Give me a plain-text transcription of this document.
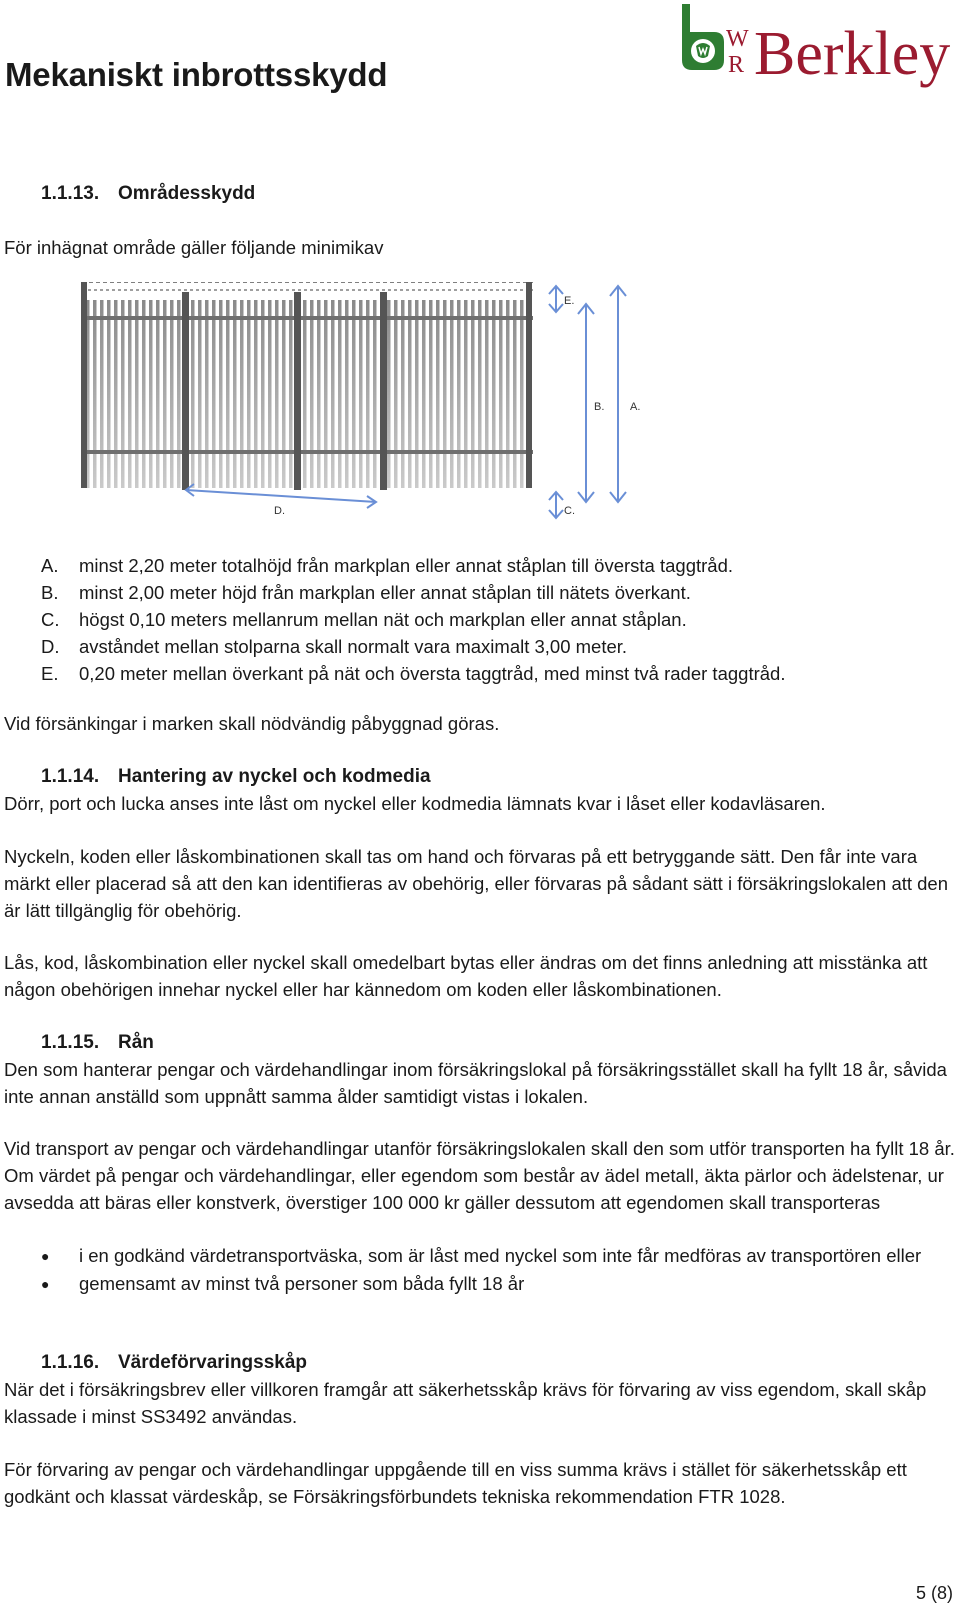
Mekaniskt inbrottsskydd
W
R Berkley
1.1.13. Områdesskydd
För inhägnat område gäller följande minimikav
E.
B. A.
D.	C.
A.	minst 2,20 meter totalhöjd från markplan eller annat ståplan till översta taggtråd.
B.	minst 2,00 meter höjd från markplan eller annat ståplan till nätets överkant.
C.	högst 0,10 meters mellanrum mellan nät och markplan eller annat ståplan.
D.	avståndet mellan stolparna skall normalt vara maximalt 3,00 meter.
E.	0,20 meter mellan överkant på nät och översta taggtråd, med minst två rader taggtråd.
Vid försänkingar i marken skall nödvändig påbyggnad göras.
1.1.14. Hantering av nyckel och kodmedia
Dörr, port och lucka anses inte låst om nyckel eller kodmedia lämnats kvar i låset eller kodavläsaren.
Nyckeln, koden eller låskombinationen skall tas om hand och förvaras på ett betryggande sätt. Den får inte vara märkt eller placerad så att den kan identifieras av obehörig, eller förvaras på sådant sätt i försäkringslokalen att den är lätt tillgänglig för obehörig.
Lås, kod, låskombination eller nyckel skall omedelbart bytas eller ändras om det finns anledning att misstänka att någon obehörigen innehar nyckel eller har kännedom om koden eller låskombinationen.
1.1.15. Rån
Den som hanterar pengar och värdehandlingar inom försäkringslokal på försäkringsstället skall ha fyllt 18 år, såvida inte annan anställd som uppnått samma ålder samtidigt vistas i lokalen.
Vid transport av pengar och värdehandlingar utanför försäkringslokalen skall den som utför transporten ha fyllt 18 år. Om värdet på pengar och värdehandlingar, eller egendom som består av ädel metall, äkta pärlor och ädelstenar, ur avsedda att bäras eller konstverk, överstiger 100 000 kr gäller dessutom att egendomen skall transporteras
●	i en godkänd värdetransportväska, som är låst med nyckel som inte får medföras av transportören eller
●	gemensamt av minst två personer som båda fyllt 18 år
1.1.16. Värdeförvaringsskåp
När det i försäkringsbrev eller villkoren framgår att säkerhetsskåp krävs för förvaring av viss egendom, skall skåp klassade i minst SS3492 användas.
För förvaring av pengar och värdehandlingar uppgående till en viss summa krävs i stället för säkerhetsskåp ett godkänt och klassat värdeskåp, se Försäkringsförbundets tekniska rekommendation FTR 1028.
5 (8)
